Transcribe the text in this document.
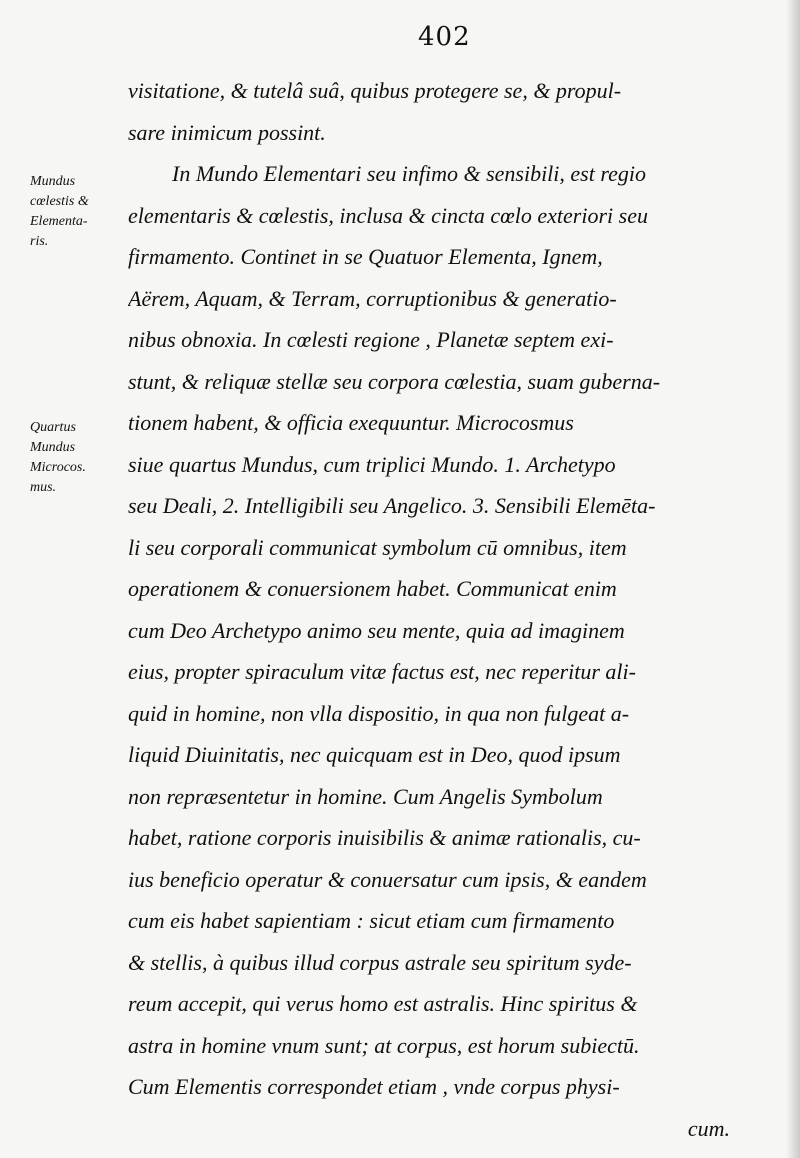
402
Mundus
cœlestis &
Elementa-
ris.
Quartus
Mundus
Microcos.
mus.
visitatione, & tutelâ suâ, quibus protegere se, & propul-
sare inimicum possint.
In Mundo Elementari seu infimo & sensibili, est regio
elementaris & cœlestis, inclusa & cincta cœlo exteriori seu
firmamento. Continet in se Quatuor Elementa, Ignem,
Aërem, Aquam, & Terram, corruptionibus & generatio-
nibus obnoxia. In cœlesti regione , Planetæ septem exi-
stunt, & reliquæ stellæ seu corpora cœlestia, suam guberna-
tionem habent, & officia exequuntur. Microcosmus
siue quartus Mundus, cum triplici Mundo. 1. Archetypo
seu Deali, 2. Intelligibili seu Angelico. 3. Sensibili Elemēta-
li seu corporali communicat symbolum cū omnibus, item
operationem & conuersionem habet. Communicat enim
cum Deo Archetypo animo seu mente, quia ad imaginem
eius, propter spiraculum vitæ factus est, nec reperitur ali-
quid in homine, non vlla dispositio, in qua non fulgeat a-
liquid Diuinitatis, nec quicquam est in Deo, quod ipsum
non repræsentetur in homine. Cum Angelis Symbolum
habet, ratione corporis inuisibilis & animæ rationalis, cu-
ius beneficio operatur & conuersatur cum ipsis, & eandem
cum eis habet sapientiam : sicut etiam cum firmamento
& stellis, à quibus illud corpus astrale seu spiritum syde-
reum accepit, qui verus homo est astralis. Hinc spiritus &
astra in homine vnum sunt; at corpus, est horum subiectū.
Cum Elementis correspondet etiam , vnde corpus physi-
cum.
